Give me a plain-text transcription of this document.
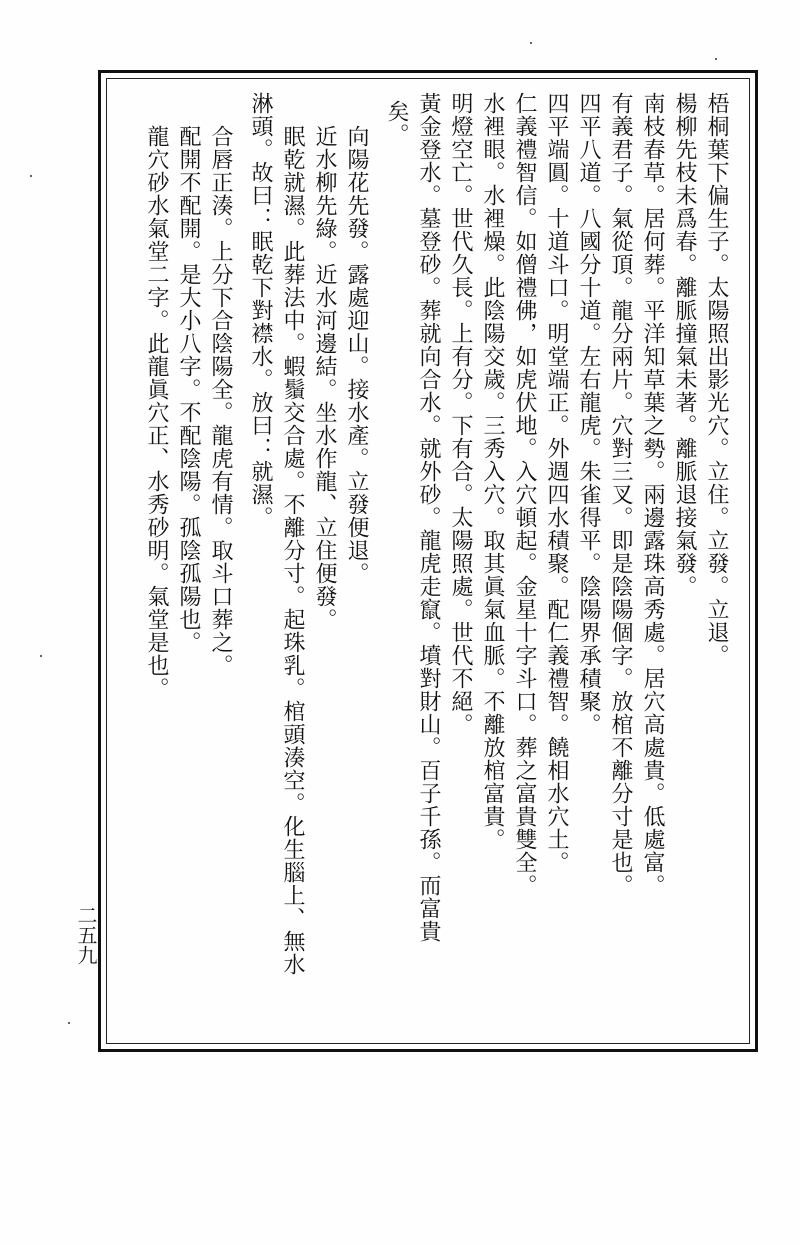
梧桐葉下偏生子。太陽照出影光穴。立住。立發。立退。
楊柳先枝未爲春。離脈撞氣未著。離脈退接氣發。
南枝春草。居何葬。平洋知草葉之勢。兩邊露珠高秀處。居穴高處貴。低處富。
有義君子。氣從頂。龍分兩片。穴對三叉。即是陰陽個字。放棺不離分寸是也。
四平八道。八國分十道。左右龍虎。朱雀得平。陰陽界承積聚。
四平端圓。十道斗口。明堂端正。外週四水積聚。配仁義禮智。饒相水穴土。
仁義禮智信。如僧禮佛，如虎伏地。入穴頓起。金星十字斗口。葬之富貴雙全。
水裡眼。水裡燥。此陰陽交歲。三秀入穴。取其眞氣血脈。不離放棺富貴。
明燈空亡。世代久長。上有分。下有合。太陽照處。世代不絕。
黃金登水。墓登砂。葬就向合水。就外砂。龍虎走竄。墳對財山。百子千孫。而富貴
矣。
向陽花先發。露處迎山。接水產。立發便退。
近水柳先綠。近水河邊結。坐水作龍、立住便發。
眠乾就濕。此葬法中。蝦鬚交合處。不離分寸。起珠乳。棺頭湊空。化生腦上、無水
淋頭。故曰：眠乾下對襟水。放曰：就濕。
合唇正湊。上分下合陰陽全。龍虎有情。取斗口葬之。
配開不配開。是大小八字。不配陰陽。孤陰孤陽也。
龍穴砂水氣堂二字。此龍眞穴正、水秀砂明。氣堂是也。
二五九
